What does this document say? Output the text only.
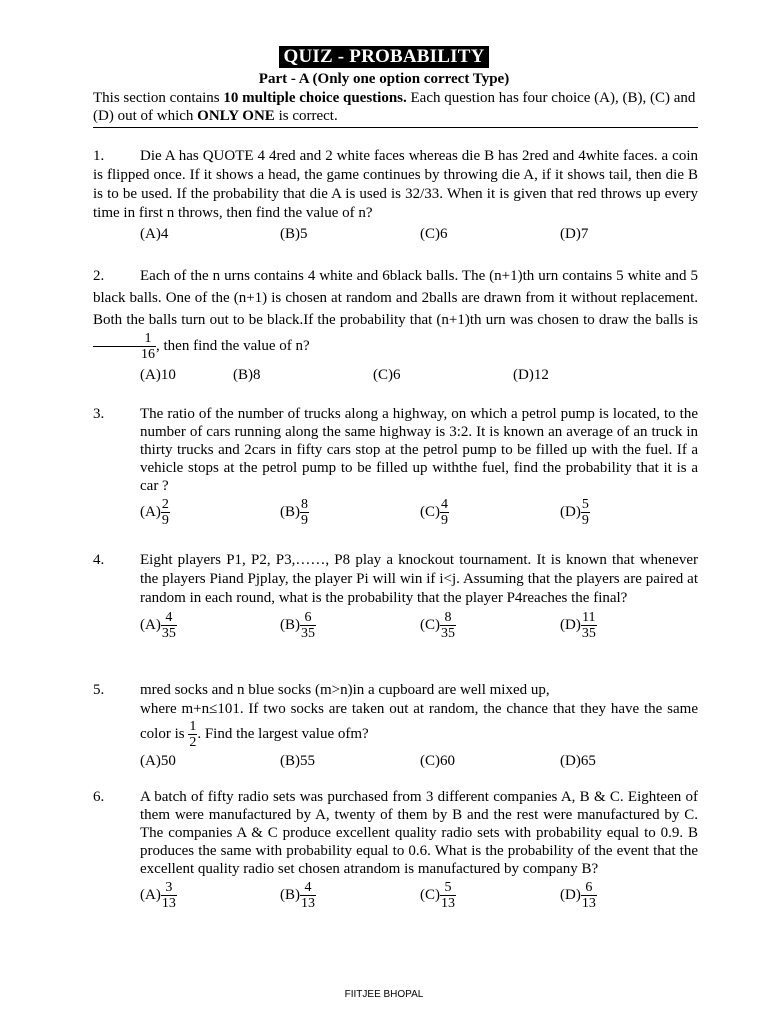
QUIZ - PROBABILITY
Part - A (Only one option correct Type)
This section contains 10 multiple choice questions. Each question has four choice (A), (B), (C) and (D) out of which ONLY ONE is correct.
Die A has QUOTE 4 4red and 2 white faces whereas die B has 2red and 4white faces. a coin is flipped once. If it shows a head, the game continues by throwing die A, if it shows tail, then die B is to be used. If the probability that die A is used is 32/33. When it is given that red throws up every time in first n throws, then find the value of n?
(A)4	(B)5	(C)6	(D)7
1.
Each of the n urns contains 4 white and 6black balls. The (n+1)th urn contains 5 white and 5 black balls. One of the (n+1) is chosen at random and 2balls are drawn from it without replacement. Both the balls turn out to be black.If the probability that (n+1)th urn was chosen to draw the balls is
$\frac{1}{16}$ , then find the value of n?
(A)10	(B)8	(C)6	(D)12
2.
The ratio of the number of trucks along a highway, on which a petrol pump is located, to the number of cars running along the same highway is 3:2. It is known an average of an truck in thirty trucks and 2cars in fifty cars stop at the petrol pump to be filled up with the fuel. If a vehicle stops at the petrol pump to be filled up withthe fuel, find the probability that it is a car ?
$(A) \frac{2}{9}$	$(B) \frac{8}{9}$	$(C) \frac{4}{9}$	$(D) \frac{5}{9}$
3.
Eight players P1, P2, P3,……, P8 play a knockout tournament. It is known that whenever the players Piand Pjplay, the player Pi will win if i<j. Assuming that the players are paired at random in each round, what is the probability that the player P4reaches the final?
$(A) \frac{4}{35}$	$(B) \frac{6}{35}$	$(C) \frac{8}{35}$	$(D) \frac{11}{35}$
4.
mred socks and n blue socks (m>n)in a cupboard are well mixed up,
where m+n≤101. If two socks are taken out at random, the chance that they have the same color is $\frac{1}{2}$ . Find the largest value ofm?
(A)50	(B)55	(C)60	(D)65
5.
A batch of fifty radio sets was purchased from 3 different companies A, B & C. Eighteen of them were manufactured by A, twenty of them by B and the rest were manufactured by C. The companies A & C produce excellent quality radio sets with probability equal to 0.9. B produces the same with probability equal to 0.6. What is the probability of the event that the excellent quality radio set chosen atrandom is manufactured by company B?
$(A) \frac{3}{13}$	$(B) \frac{4}{13}$	$(C) \frac{5}{13}$	$(D) \frac{6}{13}$
6.
FIITJEE BHOPAL
